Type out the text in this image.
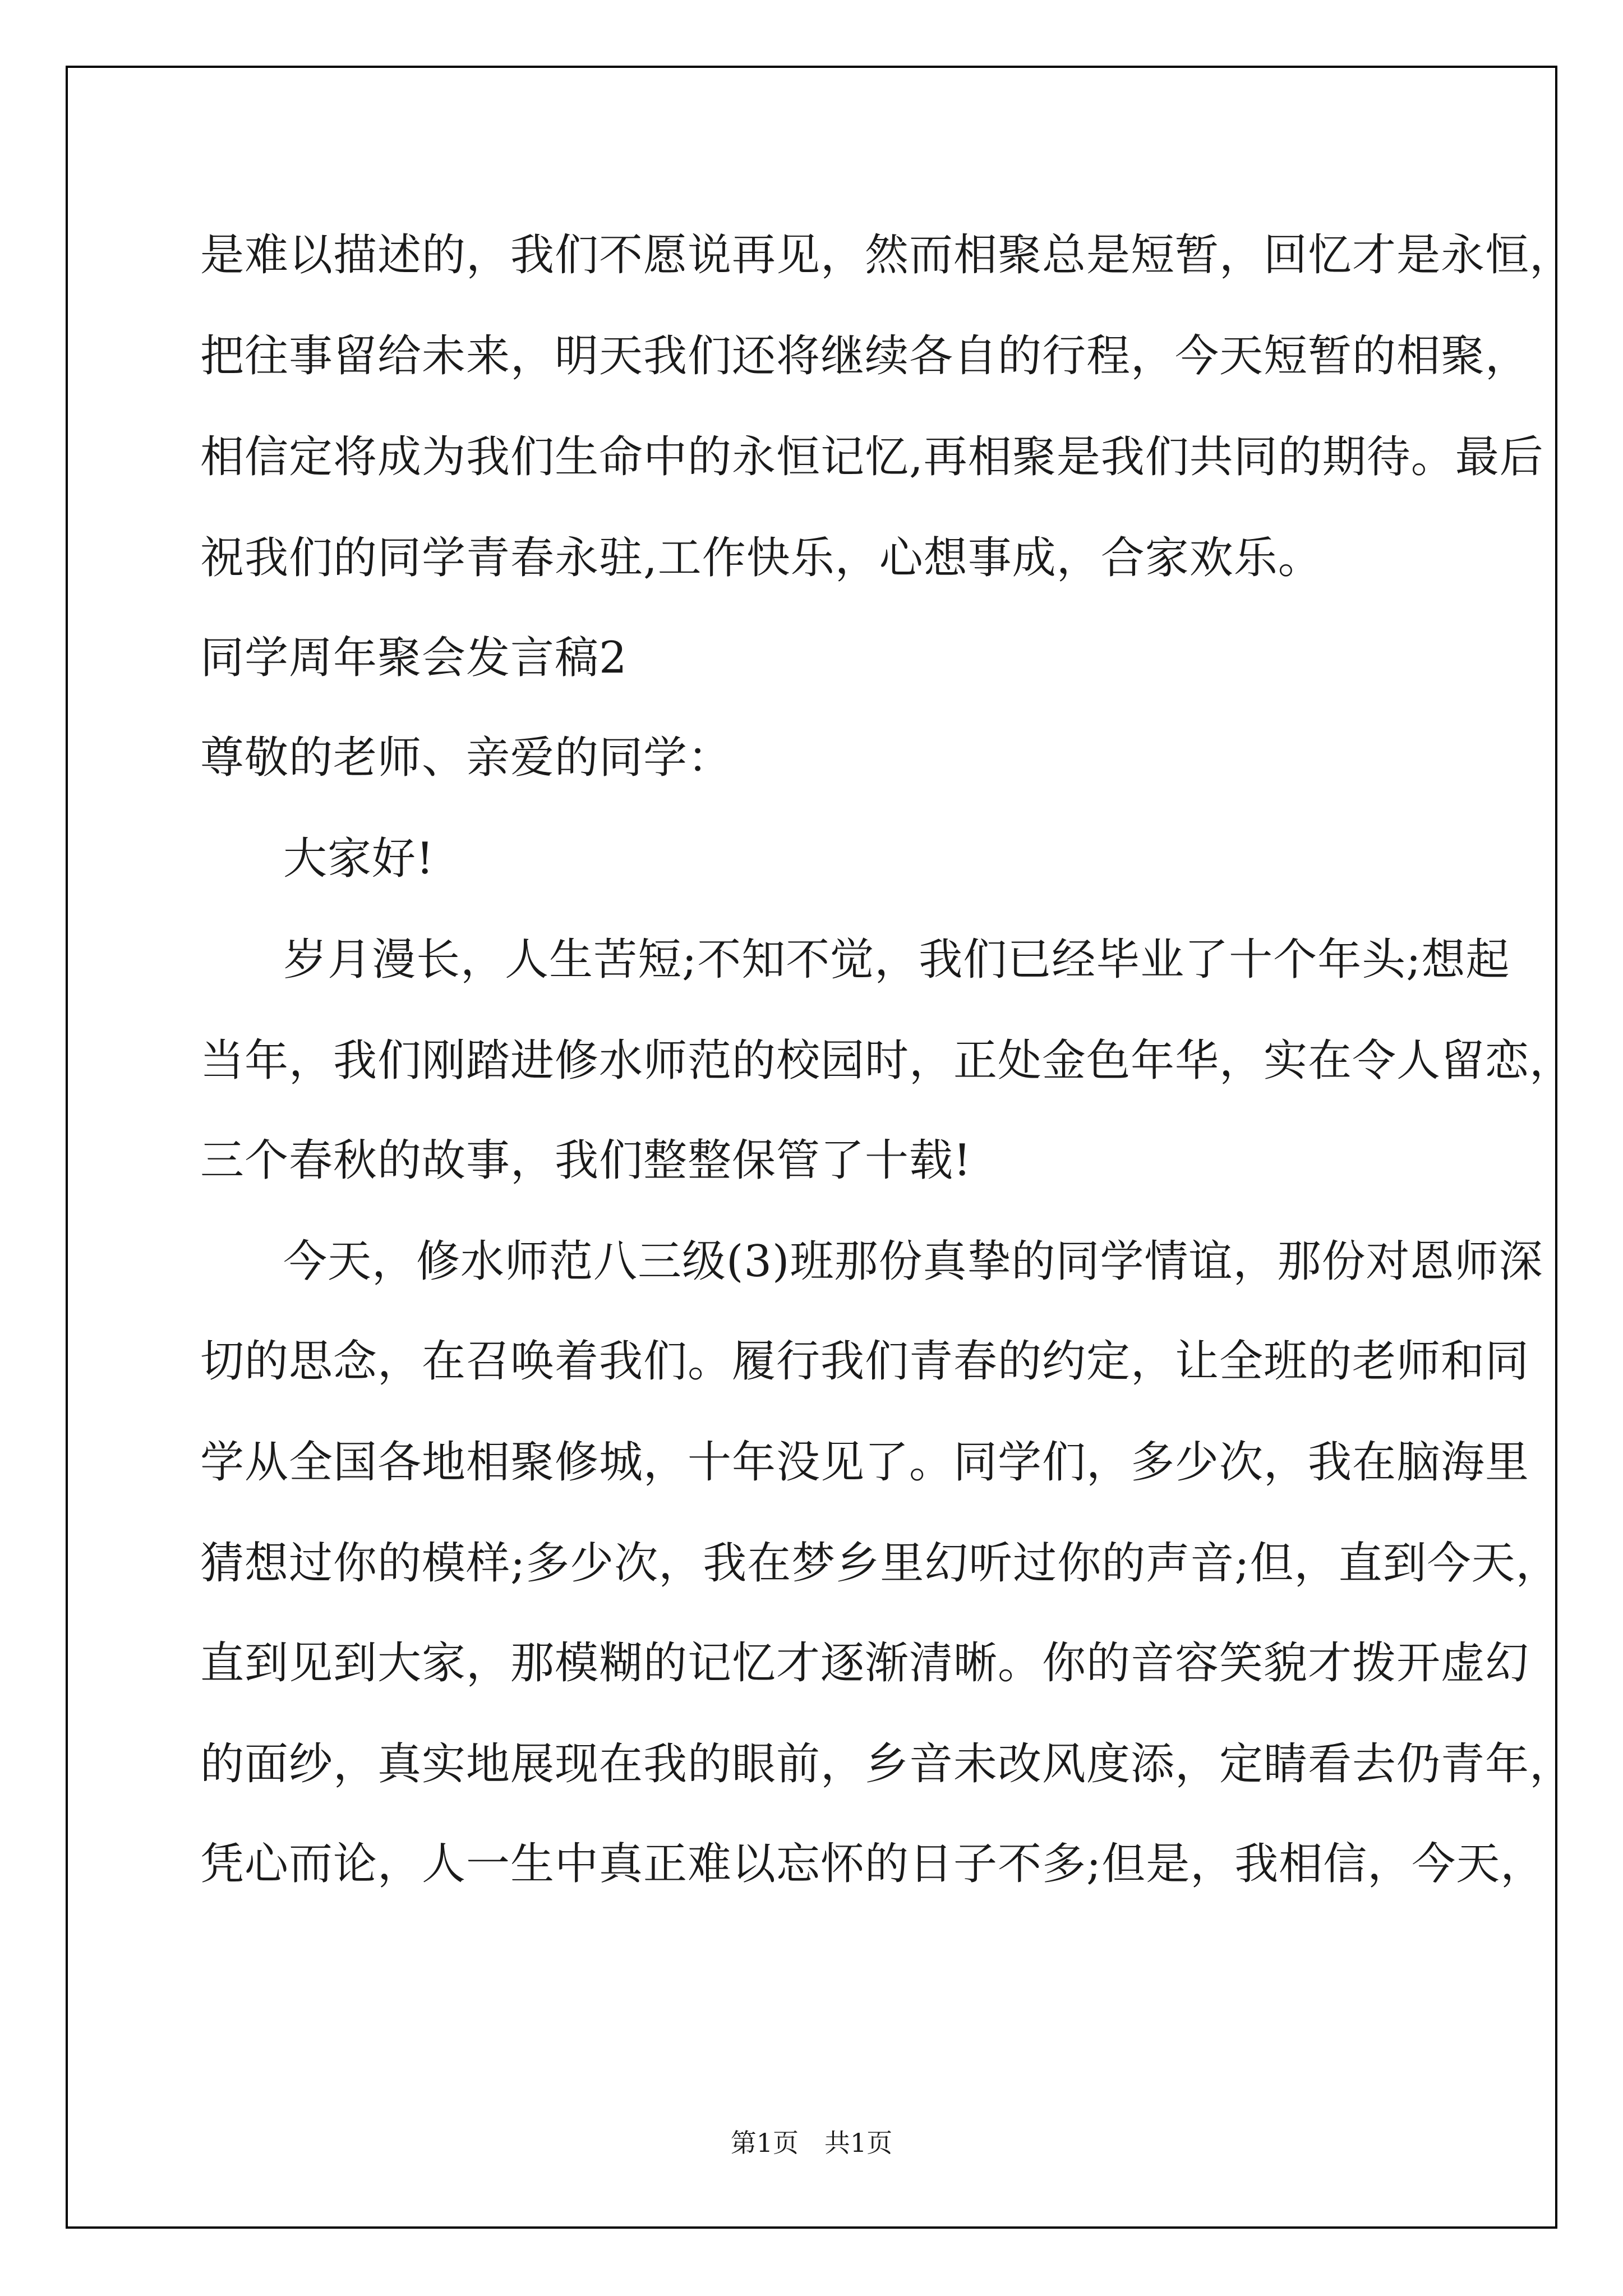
是难以描述的，我们不愿说再见，然而相聚总是短暂，回忆才是永恒，
把往事留给未来，明天我们还将继续各自的行程，今天短暂的相聚，
相信定将成为我们生命中的永恒记忆,再相聚是我们共同的期待。最后
祝我们的同学青春永驻,工作快乐，心想事成，合家欢乐。
同学周年聚会发言稿2
尊敬的老师、亲爱的同学：
大家好!
岁月漫长，人生苦短;不知不觉，我们已经毕业了十个年头;想起
当年，我们刚踏进修水师范的校园时，正处金色年华，实在令人留恋，
三个春秋的故事，我们整整保管了十载!
今天，修水师范八三级(3)班那份真挚的同学情谊，那份对恩师深
切的思念，在召唤着我们。履行我们青春的约定，让全班的老师和同
学从全国各地相聚修城，十年没见了。同学们，多少次，我在脑海里
猜想过你的模样;多少次，我在梦乡里幻听过你的声音;但，直到今天，
直到见到大家，那模糊的记忆才逐渐清晰。你的音容笑貌才拨开虚幻
的面纱，真实地展现在我的眼前，乡音未改风度添，定睛看去仍青年，
凭心而论，人一生中真正难以忘怀的日子不多;但是，我相信，今天，
第1页　共1页
